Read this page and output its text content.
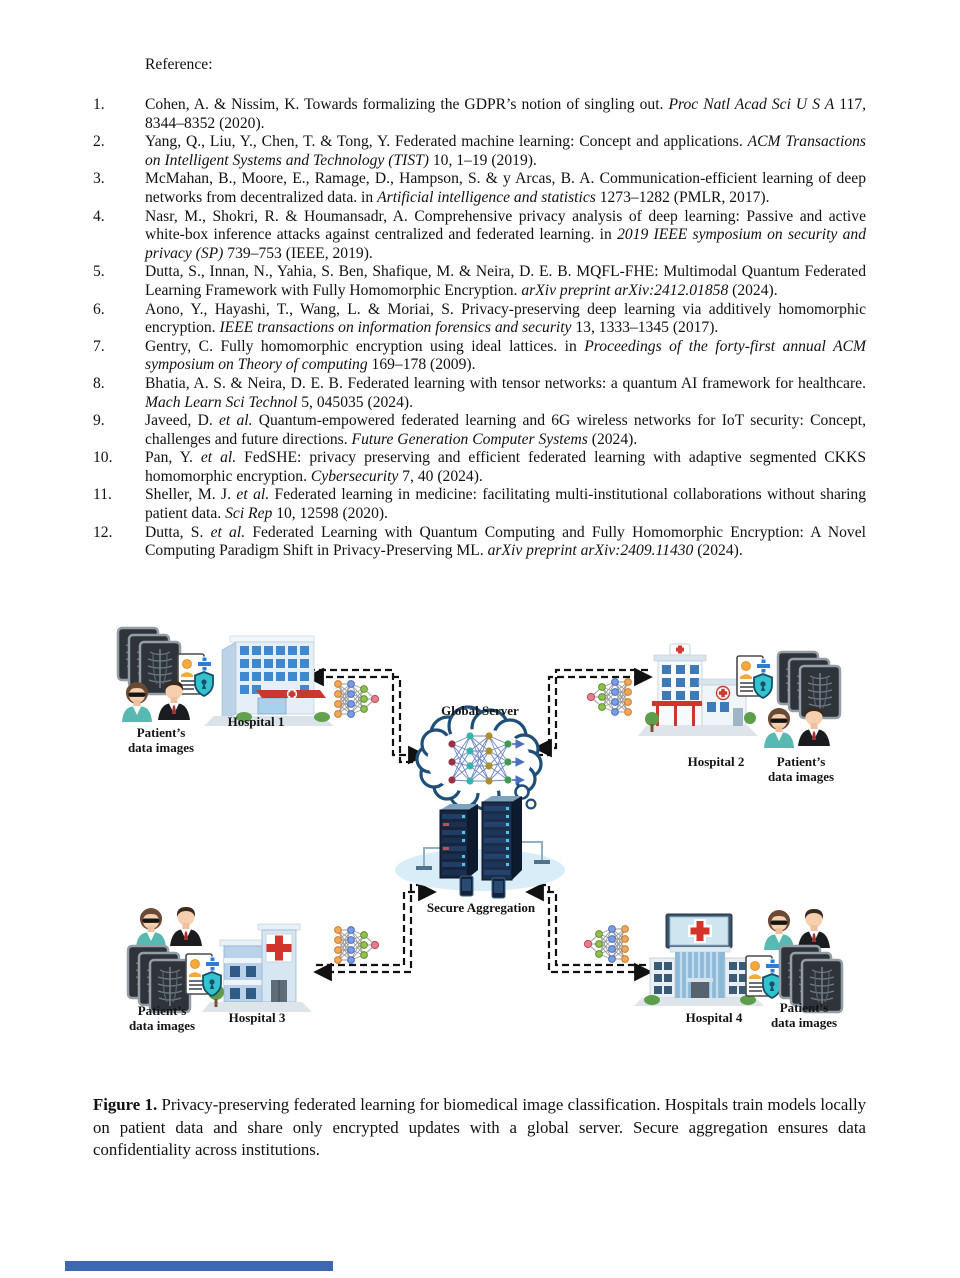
Reference:

1.	Cohen, A. & Nissim, K. Towards formalizing the GDPR’s notion of singling out. Proc Natl Acad Sci U S A 117, 8344–8352 (2020).
2.	Yang, Q., Liu, Y., Chen, T. & Tong, Y. Federated machine learning: Concept and applications. ACM Transactions on Intelligent Systems and Technology (TIST) 10, 1–19 (2019).
3.	McMahan, B., Moore, E., Ramage, D., Hampson, S. & y Arcas, B. A. Communication-efficient learning of deep networks from decentralized data. in Artificial intelligence and statistics 1273–1282 (PMLR, 2017).
4.	Nasr, M., Shokri, R. & Houmansadr, A. Comprehensive privacy analysis of deep learning: Passive and active white-box inference attacks against centralized and federated learning. in 2019 IEEE symposium on security and privacy (SP) 739–753 (IEEE, 2019).
5.	Dutta, S., Innan, N., Yahia, S. Ben, Shafique, M. & Neira, D. E. B. MQFL-FHE: Multimodal Quantum Federated Learning Framework with Fully Homomorphic Encryption. arXiv preprint arXiv:2412.01858 (2024).
6.	Aono, Y., Hayashi, T., Wang, L. & Moriai, S. Privacy-preserving deep learning via additively homomorphic encryption. IEEE transactions on information forensics and security 13, 1333–1345 (2017).
7.	Gentry, C. Fully homomorphic encryption using ideal lattices. in Proceedings of the forty-first annual ACM symposium on Theory of computing 169–178 (2009).
8.	Bhatia, A. S. & Neira, D. E. B. Federated learning with tensor networks: a quantum AI framework for healthcare. Mach Learn Sci Technol 5, 045035 (2024).
9.	Javeed, D. et al. Quantum-empowered federated learning and 6G wireless networks for IoT security: Concept, challenges and future directions. Future Generation Computer Systems (2024).
10.	Pan, Y. et al. FedSHE: privacy preserving and efficient federated learning with adaptive segmented CKKS homomorphic encryption. Cybersecurity 7, 40 (2024).
11.	Sheller, M. J. et al. Federated learning in medicine: facilitating multi-institutional collaborations without sharing patient data. Sci Rep 10, 12598 (2020).
12.	Dutta, S. et al. Federated Learning with Quantum Computing and Fully Homomorphic Encryption: A Novel Computing Paradigm Shift in Privacy-Preserving ML. arXiv preprint arXiv:2409.11430 (2024).
Global Server
Secure Aggregation
Hospital 1
Patient’s
data images
Hospital 2 Patient’s
data images
Hospital 3
Patient’s
data images
Hospital 4
Patient’s
data images

Figure 1. Privacy-preserving federated learning for biomedical image classification. Hospitals train models locally on patient data and share only encrypted updates with a global server. Secure aggregation ensures data confidentiality across institutions.
